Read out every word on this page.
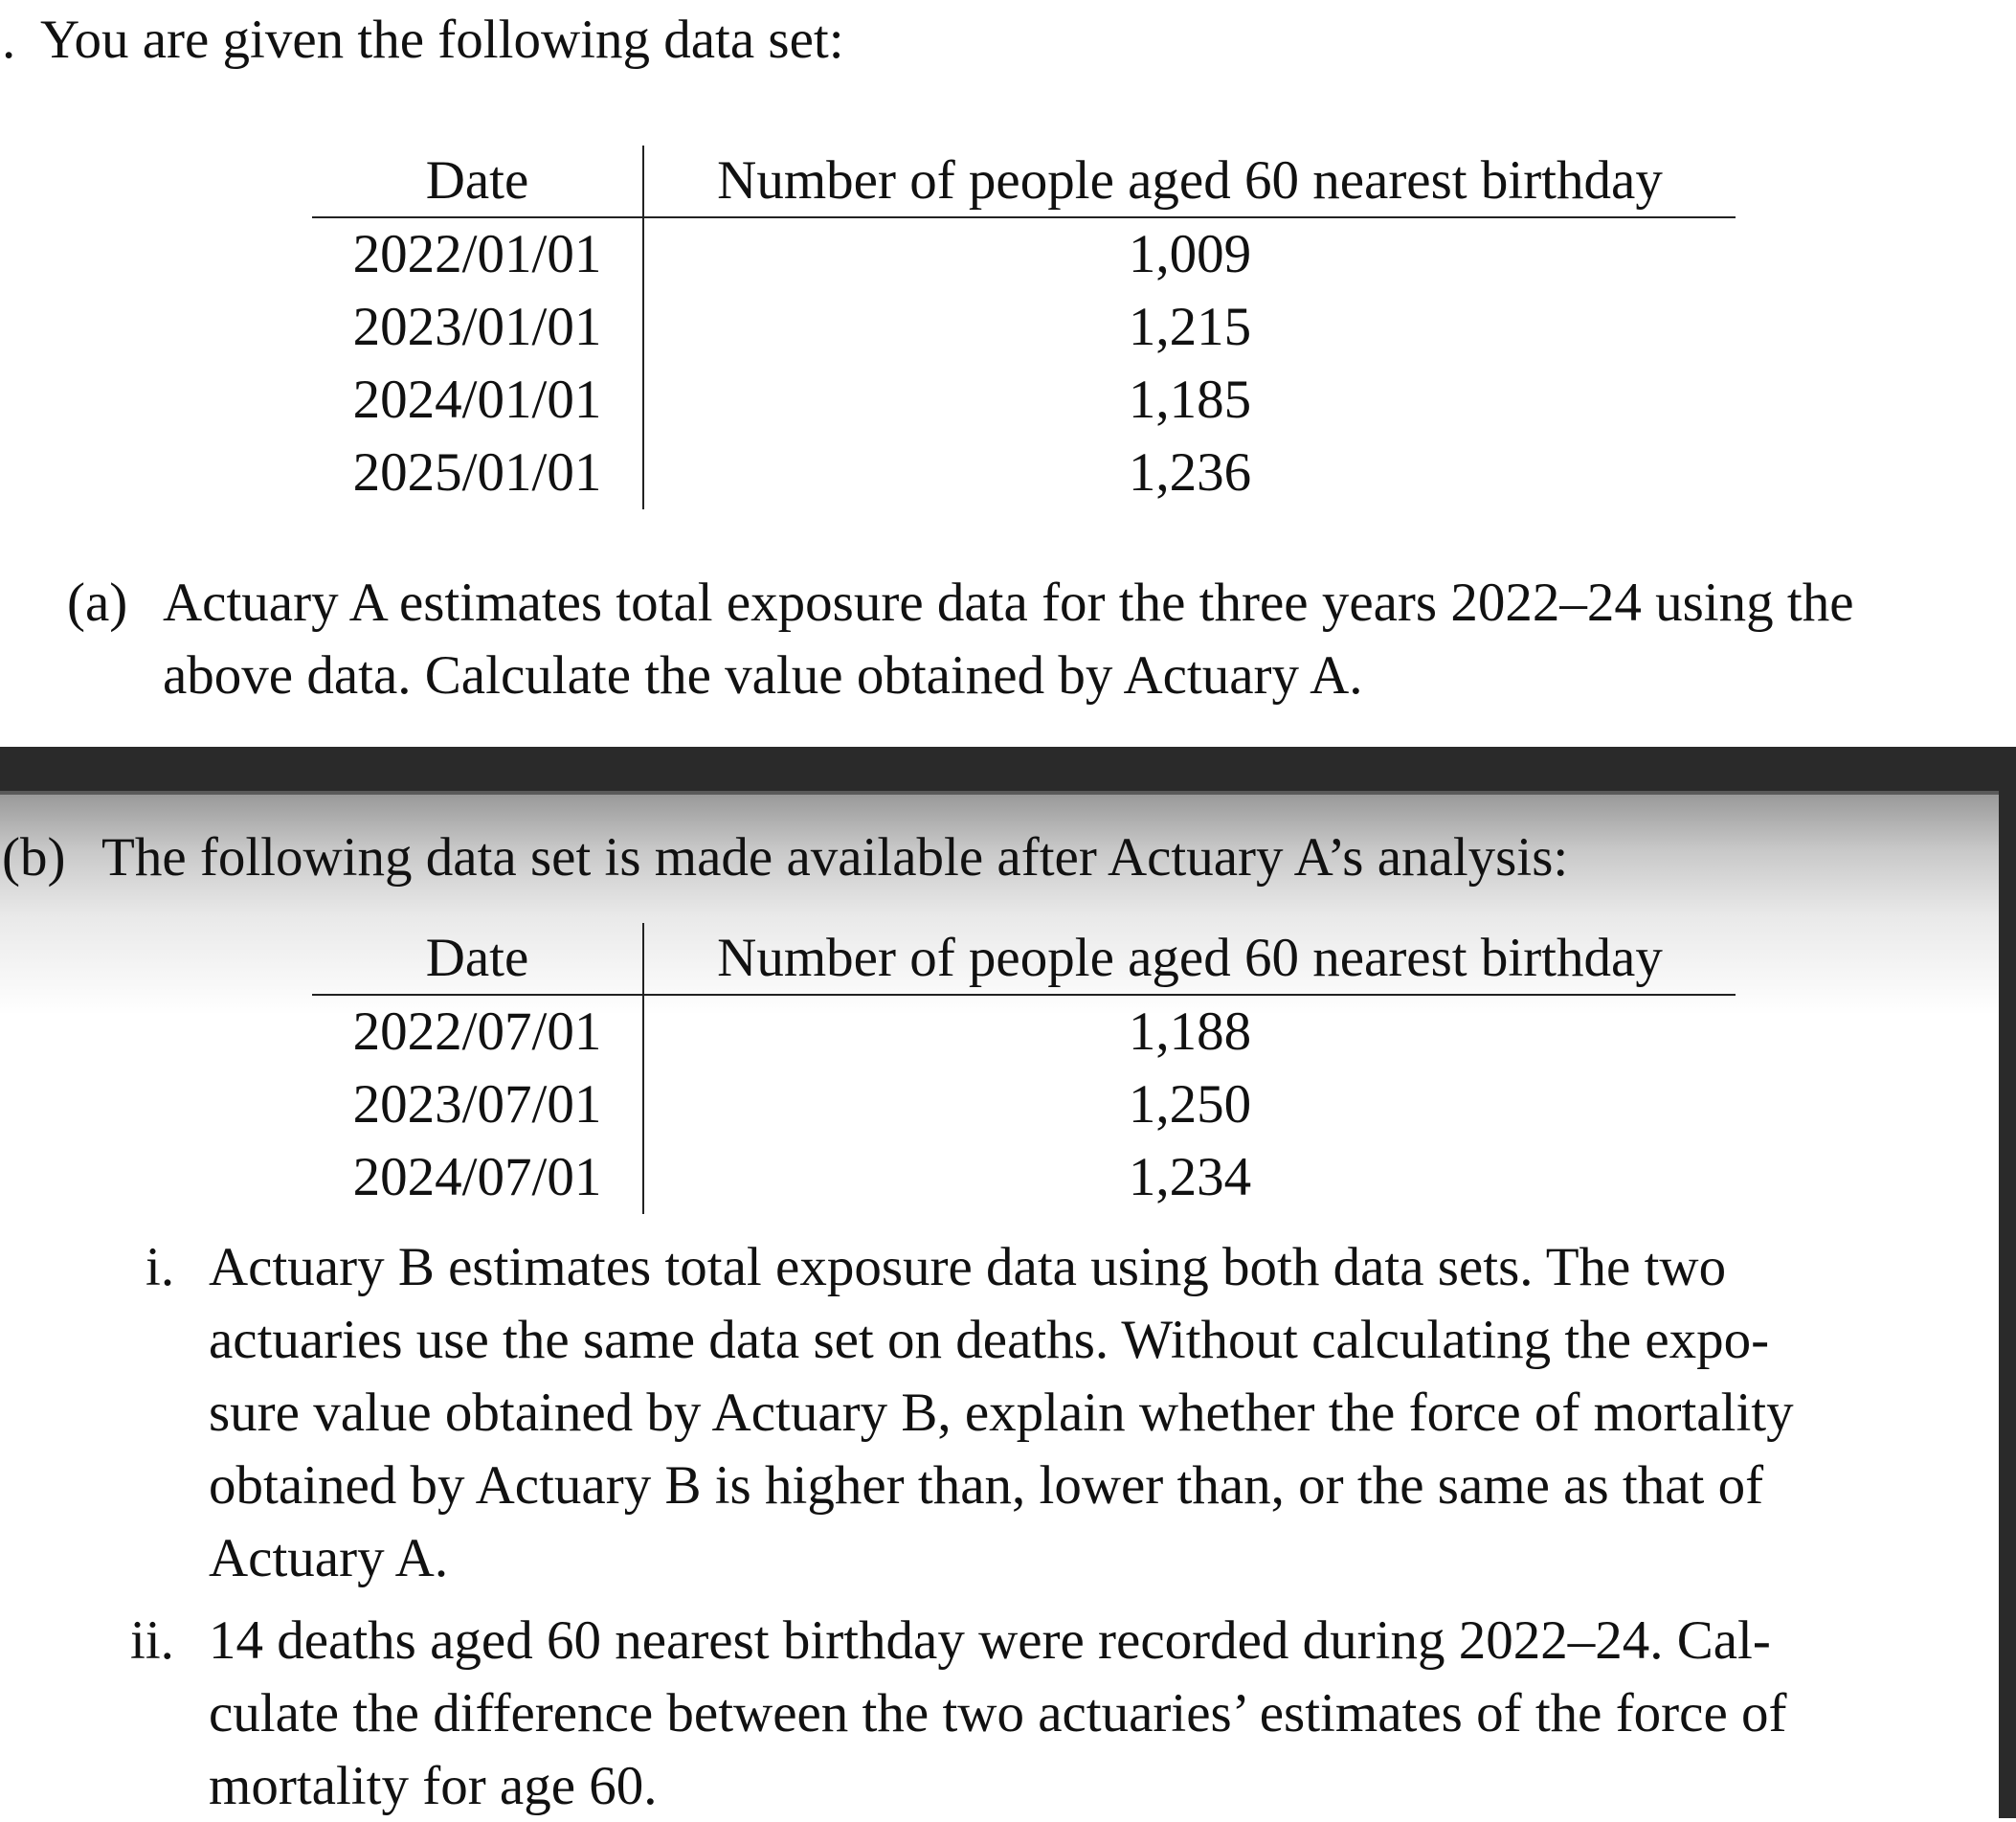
. You are given the following data set:
Date	Number of people aged 60 nearest birthday
2022/01/01	1,009
2023/01/01	1,215
2024/01/01	1,185
2025/01/01	1,236
(a) Actuary A estimates total exposure data for the three years 2022–24 using the
above data. Calculate the value obtained by Actuary A.
(b) The following data set is made available after Actuary A’s analysis:
Date	Number of people aged 60 nearest birthday
2022/07/01	1,188
2023/07/01	1,250
2024/07/01	1,234
i. Actuary B estimates total exposure data using both data sets. The two
actuaries use the same data set on deaths. Without calculating the expo-
sure value obtained by Actuary B, explain whether the force of mortality
obtained by Actuary B is higher than, lower than, or the same as that of
Actuary A.
ii. 14 deaths aged 60 nearest birthday were recorded during 2022–24. Cal-
culate the difference between the two actuaries’ estimates of the force of
mortality for age 60.
